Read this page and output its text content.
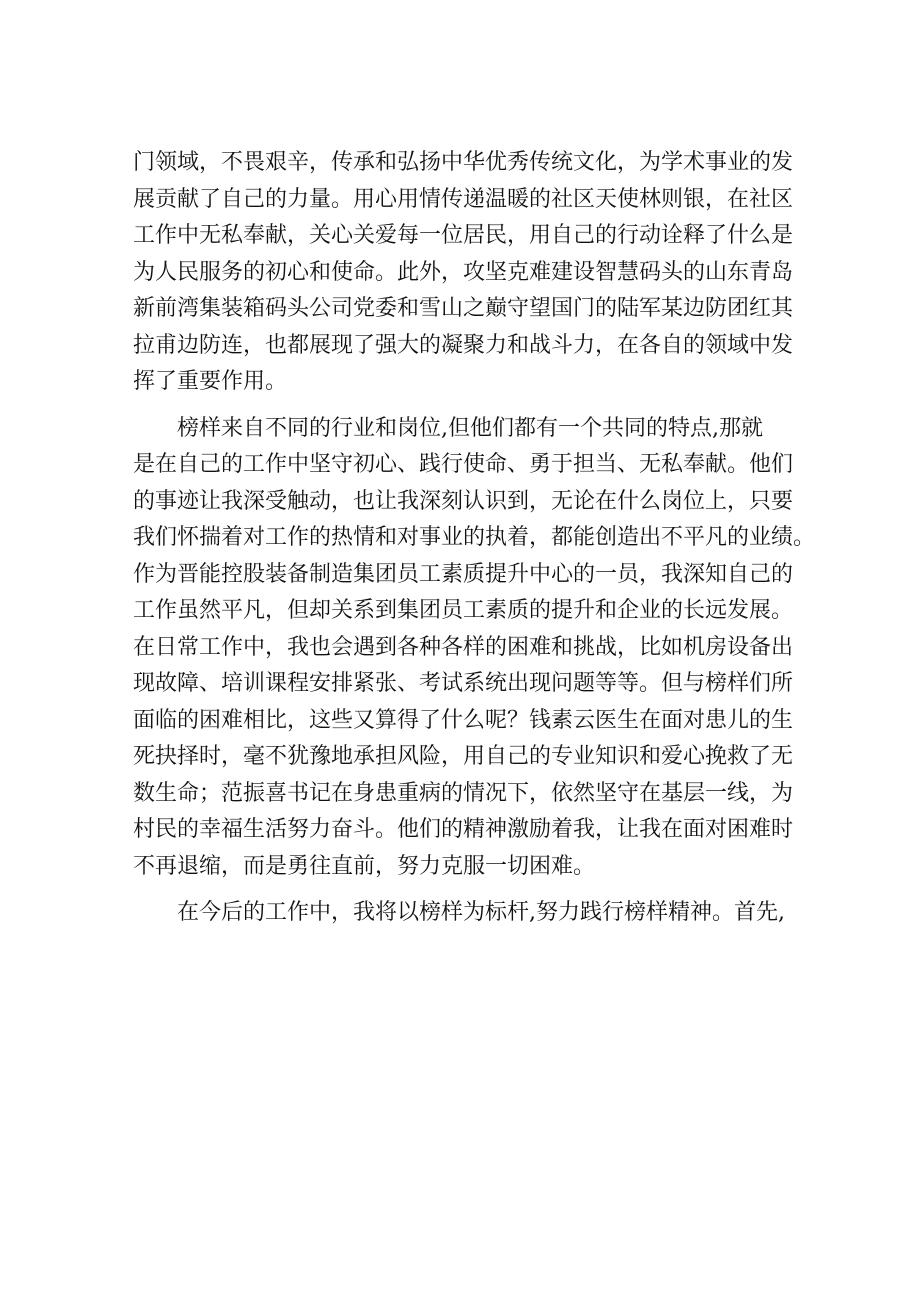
门领域，不畏艰辛，传承和弘扬中华优秀传统文化，为学术事业的发
展贡献了自己的力量。用心用情传递温暖的社区天使林则银，在社区
工作中无私奉献，关心关爱每一位居民，用自己的行动诠释了什么是
为人民服务的初心和使命。此外，攻坚克难建设智慧码头的山东青岛
新前湾集装箱码头公司党委和雪山之巅守望国门的陆军某边防团红其
拉甫边防连，也都展现了强大的凝聚力和战斗力，在各自的领域中发
挥了重要作用。
　　榜样来自不同的行业和岗位,但他们都有一个共同的特点,那就
是在自己的工作中坚守初心、践行使命、勇于担当、无私奉献。他们
的事迹让我深受触动，也让我深刻认识到，无论在什么岗位上，只要
我们怀揣着对工作的热情和对事业的执着，都能创造出不平凡的业绩。
作为晋能控股装备制造集团员工素质提升中心的一员，我深知自己的
工作虽然平凡，但却关系到集团员工素质的提升和企业的长远发展。
在日常工作中，我也会遇到各种各样的困难和挑战，比如机房设备出
现故障、培训课程安排紧张、考试系统出现问题等等。但与榜样们所
面临的困难相比，这些又算得了什么呢？钱素云医生在面对患儿的生
死抉择时，毫不犹豫地承担风险，用自己的专业知识和爱心挽救了无
数生命；范振喜书记在身患重病的情况下，依然坚守在基层一线，为
村民的幸福生活努力奋斗。他们的精神激励着我，让我在面对困难时
不再退缩，而是勇往直前，努力克服一切困难。
　　在今后的工作中，我将以榜样为标杆,努力践行榜样精神。首先,
